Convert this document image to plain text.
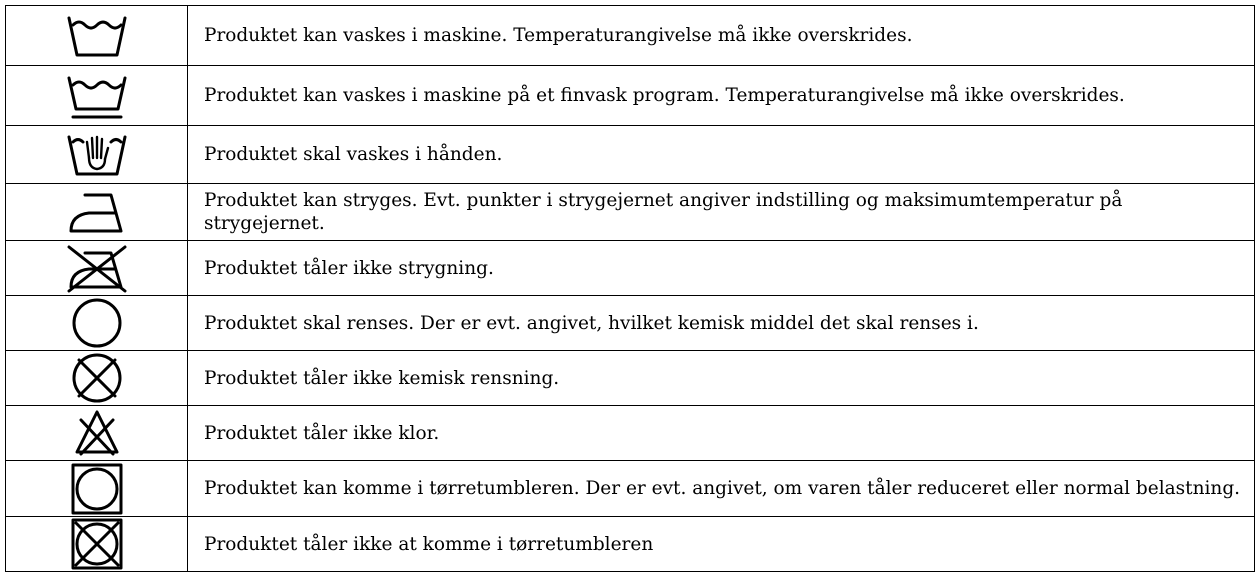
	Produktet kan vaskes i maskine. Temperaturangivelse må ikke overskrides.

	Produktet kan vaskes i maskine på et finvask program. Temperaturangivelse må ikke overskrides.

	Produktet skal vaskes i hånden.

	Produktet kan stryges. Evt. punkter i strygejernet angiver indstilling og maksimumtemperatur på strygejernet.

	Produktet tåler ikke strygning.

	Produktet skal renses. Der er evt. angivet, hvilket kemisk middel det skal renses i.

	Produktet tåler ikke kemisk rensning.

	Produktet tåler ikke klor.

	Produktet kan komme i tørretumbleren. Der er evt. angivet, om varen tåler reduceret eller normal belastning.

	Produktet tåler ikke at komme i tørretumbleren
